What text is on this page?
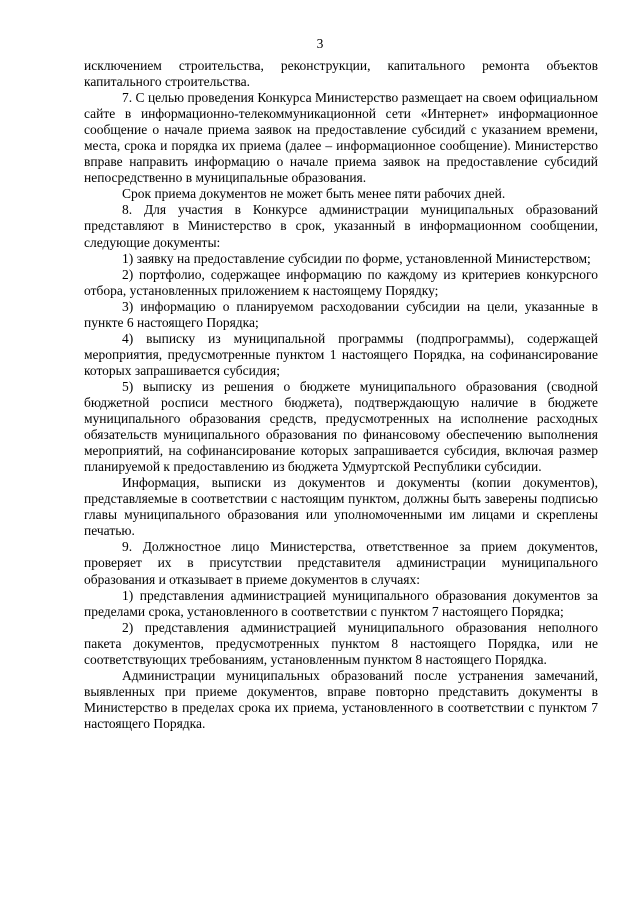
3

исключением строительства, реконструкции, капитального ремонта объектов капитального строительства.

7. С целью проведения Конкурса Министерство размещает на своем официальном сайте в информационно-телекоммуникационной сети «Интернет» информационное сообщение о начале приема заявок на предоставление субсидий с указанием времени, места, срока и порядка их приема (далее – информационное сообщение). Министерство вправе направить информацию о начале приема заявок на предоставление субсидий непосредственно в муниципальные образования.

Срок приема документов не может быть менее пяти рабочих дней.

8. Для участия в Конкурсе администрации муниципальных образований представляют в Министерство в срок, указанный в информационном сообщении, следующие документы:

1) заявку на предоставление субсидии по форме, установленной Министерством;

2) портфолио, содержащее информацию по каждому из критериев конкурсного отбора, установленных приложением к настоящему Порядку;

3) информацию о планируемом расходовании субсидии на цели, указанные в пункте 6 настоящего Порядка;

4) выписку из муниципальной программы (подпрограммы), содержащей мероприятия, предусмотренные пунктом 1 настоящего Порядка, на софинансирование которых запрашивается субсидия;

5) выписку из решения о бюджете муниципального образования (сводной бюджетной росписи местного бюджета), подтверждающую наличие в бюджете муниципального образования средств, предусмотренных на исполнение расходных обязательств муниципального образования по финансовому обеспечению выполнения мероприятий, на софинансирование которых запрашивается субсидия, включая размер планируемой к предоставлению из бюджета Удмуртской Республики субсидии.

Информация, выписки из документов и документы (копии документов), представляемые в соответствии с настоящим пунктом, должны быть заверены подписью главы муниципального образования или уполномоченными им лицами и скреплены печатью.

9. Должностное лицо Министерства, ответственное за прием документов, проверяет их в присутствии представителя администрации муниципального образования и отказывает в приеме документов в случаях:

1) представления администрацией муниципального образования документов за пределами срока, установленного в соответствии с пунктом 7 настоящего Порядка;

2) представления администрацией муниципального образования неполного пакета документов, предусмотренных пунктом 8 настоящего Порядка, или не соответствующих требованиям, установленным пунктом 8 настоящего Порядка.

Администрации муниципальных образований после устранения замечаний, выявленных при приеме документов, вправе повторно представить документы в Министерство в пределах срока их приема, установленного в соответствии с пунктом 7 настоящего Порядка.
